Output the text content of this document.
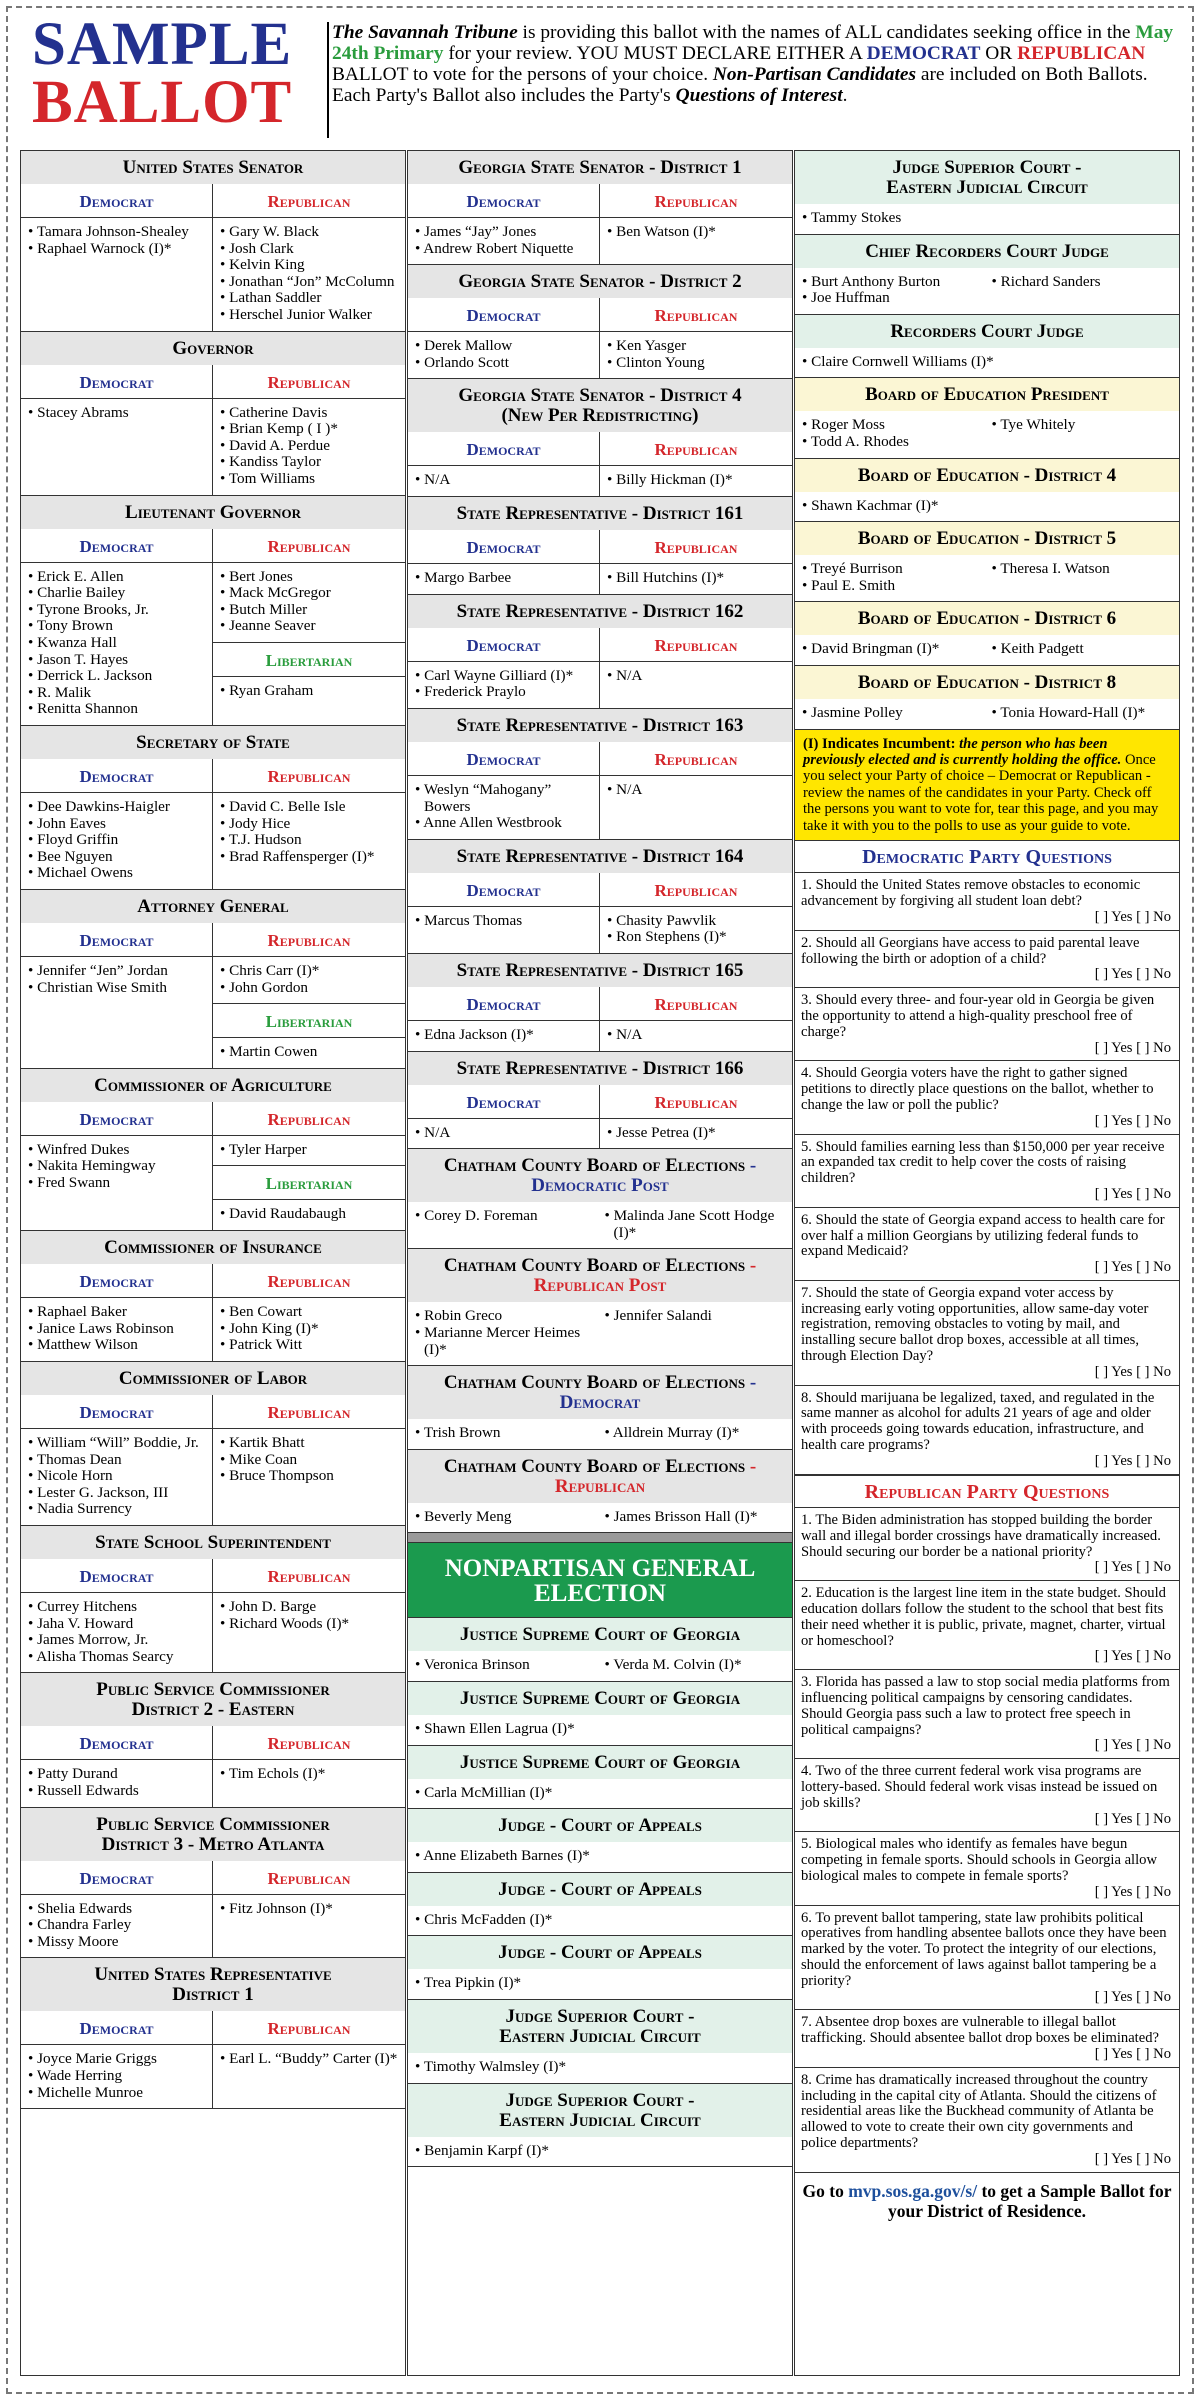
SAMPLE
BALLOT
The Savannah Tribune is providing this ballot with the names of ALL candidates seeking office in the May 24th Primary for your review. YOU MUST DECLARE EITHER A DEMOCRAT OR REPUBLICAN BALLOT to vote for the persons of your choice. Non-Partisan Candidates are included on Both Ballots. Each Party's Ballot also includes the Party's Questions of Interest.
United States Senator
Democrat
• Tamara Johnson-Shealey
• Raphael Warnock (I)*
Republican
• Gary W. Black
• Josh Clark
• Kelvin King
• Jonathan “Jon” McColumn
• Lathan Saddler
• Herschel Junior Walker
Governor
Democrat
• Stacey Abrams
Republican
• Catherine Davis
• Brian Kemp ( I )*
• David A. Perdue
• Kandiss Taylor
• Tom Williams
Lieutenant Governor
Democrat
• Erick E. Allen
• Charlie Bailey
• Tyrone Brooks, Jr.
• Tony Brown
• Kwanza Hall
• Jason T. Hayes
• Derrick L. Jackson
• R. Malik
• Renitta Shannon
Republican
• Bert Jones
• Mack McGregor
• Butch Miller
• Jeanne Seaver
Libertarian
• Ryan Graham
Secretary of State
Democrat
• Dee Dawkins-Haigler
• John Eaves
• Floyd Griffin
• Bee Nguyen
• Michael Owens
Republican
• David C. Belle Isle
• Jody Hice
• T.J. Hudson
• Brad Raffensperger (I)*
Attorney General
Democrat
• Jennifer “Jen” Jordan
• Christian Wise Smith
Republican
• Chris Carr (I)*
• John Gordon
Libertarian
• Martin Cowen
Commissioner of Agriculture
Democrat
• Winfred Dukes
• Nakita Hemingway
• Fred Swann
Republican
• Tyler Harper
Libertarian
• David Raudabaugh
Commissioner of Insurance
Democrat
• Raphael Baker
• Janice Laws Robinson
• Matthew Wilson
Republican
• Ben Cowart
• John King (I)*
• Patrick Witt
Commissioner of Labor
Democrat
• William “Will” Boddie, Jr.
• Thomas Dean
• Nicole Horn
• Lester G. Jackson, III
• Nadia Surrency
Republican
• Kartik Bhatt
• Mike Coan
• Bruce Thompson
State School Superintendent
Democrat
• Currey Hitchens
• Jaha V. Howard
• James Morrow, Jr.
• Alisha Thomas Searcy
Republican
• John D. Barge
• Richard Woods (I)*
Public Service Commissioner
District 2 - Eastern
Democrat
• Patty Durand
• Russell Edwards
Republican
• Tim Echols (I)*
Public Service Commissioner
District 3 - Metro Atlanta
Democrat
• Shelia Edwards
• Chandra Farley
• Missy Moore
Republican
• Fitz Johnson (I)*
United States Representative
District 1
Democrat
• Joyce Marie Griggs
• Wade Herring
• Michelle Munroe
Republican
• Earl L. “Buddy” Carter (I)*
Georgia State Senator - District 1
Democrat
• James “Jay” Jones
• Andrew Robert Niquette
Republican
• Ben Watson (I)*
Georgia State Senator - District 2
Democrat
• Derek Mallow
• Orlando Scott
Republican
• Ken Yasger
• Clinton Young
Georgia State Senator - District 4
(New Per Redistricting)
Democrat
• N/A
Republican
• Billy Hickman (I)*
State Representative - District 161
Democrat
• Margo Barbee
Republican
• Bill Hutchins (I)*
State Representative - District 162
Democrat
• Carl Wayne Gilliard (I)*
• Frederick Praylo
Republican
• N/A
State Representative - District 163
Democrat
• Weslyn “Mahogany” Bowers
• Anne Allen Westbrook
Republican
• N/A
State Representative - District 164
Democrat
• Marcus Thomas
Republican
• Chasity Pawvlik
• Ron Stephens (I)*
State Representative - District 165
Democrat
• Edna Jackson (I)*
Republican
• N/A
State Representative - District 166
Democrat
• N/A
Republican
• Jesse Petrea (I)*
Chatham County Board of Elections - Democratic Post
• Corey D. Foreman	• Malinda Jane Scott Hodge (I)*
Chatham County Board of Elections - Republican Post
• Robin Greco	• Jennifer Salandi
• Marianne Mercer Heimes (I)*
Chatham County Board of Elections - Democrat
• Trish Brown	• Alldrein Murray (I)*
Chatham County Board of Elections - Republican
• Beverly Meng	• James Brisson Hall (I)*
NONPARTISAN GENERAL ELECTION
Justice Supreme Court of Georgia
• Veronica Brinson	• Verda M. Colvin (I)*
Justice Supreme Court of Georgia
• Shawn Ellen Lagrua (I)*
Justice Supreme Court of Georgia
• Carla McMillian (I)*
Judge - Court of Appeals
• Anne Elizabeth Barnes (I)*
Judge - Court of Appeals
• Chris McFadden (I)*
Judge - Court of Appeals
• Trea Pipkin (I)*
Judge Superior Court -
Eastern Judicial Circuit
• Timothy Walmsley (I)*
Judge Superior Court -
Eastern Judicial Circuit
• Benjamin Karpf (I)*
Judge Superior Court -
Eastern Judicial Circuit
• Tammy Stokes
Chief Recorders Court Judge
• Burt Anthony Burton	• Richard Sanders
• Joe Huffman
Recorders Court Judge
• Claire Cornwell Williams (I)*
Board of Education President
• Roger Moss	• Tye Whitely
• Todd A. Rhodes
Board of Education - District 4
• Shawn Kachmar (I)*
Board of Education - District 5
• Treyé Burrison	• Theresa I. Watson
• Paul E. Smith
Board of Education - District 6
• David Bringman (I)*	• Keith Padgett
Board of Education - District 8
• Jasmine Polley	• Tonia Howard-Hall (I)*
(I) Indicates Incumbent: the person who has been previously elected and is currently holding the office. Once you select your Party of choice – Democrat or Republican - review the names of the candidates in your Party. Check off the persons you want to vote for, tear this page, and you may take it with you to the polls to use as your guide to vote.
Democratic Party Questions
1. Should the United States remove obstacles to economic advancement by forgiving all student loan debt?
[ ] Yes [ ] No
2. Should all Georgians have access to paid parental leave following the birth or adoption of a child?
[ ] Yes [ ] No
3. Should every three- and four-year old in Georgia be given the opportunity to attend a high-quality preschool free of charge?
[ ] Yes [ ] No
4. Should Georgia voters have the right to gather signed petitions to directly place questions on the ballot, whether to change the law or poll the public?
[ ] Yes [ ] No
5. Should families earning less than $150,000 per year receive an expanded tax credit to help cover the costs of raising children?
[ ] Yes [ ] No
6. Should the state of Georgia expand access to health care for over half a million Georgians by utilizing federal funds to expand Medicaid?
[ ] Yes [ ] No
7. Should the state of Georgia expand voter access by increasing early voting opportunities, allow same-day voter registration, removing obstacles to voting by mail, and installing secure ballot drop boxes, accessible at all times, through Election Day?
[ ] Yes [ ] No
8. Should marijuana be legalized, taxed, and regulated in the same manner as alcohol for adults 21 years of age and older with proceeds going towards education, infrastructure, and health care programs?
[ ] Yes [ ] No
Republican Party Questions
1. The Biden administration has stopped building the border wall and illegal border crossings have dramatically increased. Should securing our border be a national priority?
[ ] Yes [ ] No
2. Education is the largest line item in the state budget. Should education dollars follow the student to the school that best fits their need whether it is public, private, magnet, charter, virtual or homeschool?
[ ] Yes [ ] No
3. Florida has passed a law to stop social media platforms from influencing political campaigns by censoring candidates. Should Georgia pass such a law to protect free speech in political campaigns?
[ ] Yes [ ] No
4. Two of the three current federal work visa programs are lottery-based. Should federal work visas instead be issued on job skills?
[ ] Yes [ ] No
5. Biological males who identify as females have begun competing in female sports. Should schools in Georgia allow biological males to compete in female sports?
[ ] Yes [ ] No
6. To prevent ballot tampering, state law prohibits political operatives from handling absentee ballots once they have been marked by the voter. To protect the integrity of our elections, should the enforcement of laws against ballot tampering be a priority?
[ ] Yes [ ] No
7. Absentee drop boxes are vulnerable to illegal ballot trafficking. Should absentee ballot drop boxes be eliminated?
[ ] Yes [ ] No
8. Crime has dramatically increased throughout the country including in the capital city of Atlanta. Should the citizens of residential areas like the Buckhead community of Atlanta be allowed to vote to create their own city governments and police departments?
[ ] Yes [ ] No
Go to mvp.sos.ga.gov/s/ to get a Sample Ballot for your District of Residence.
